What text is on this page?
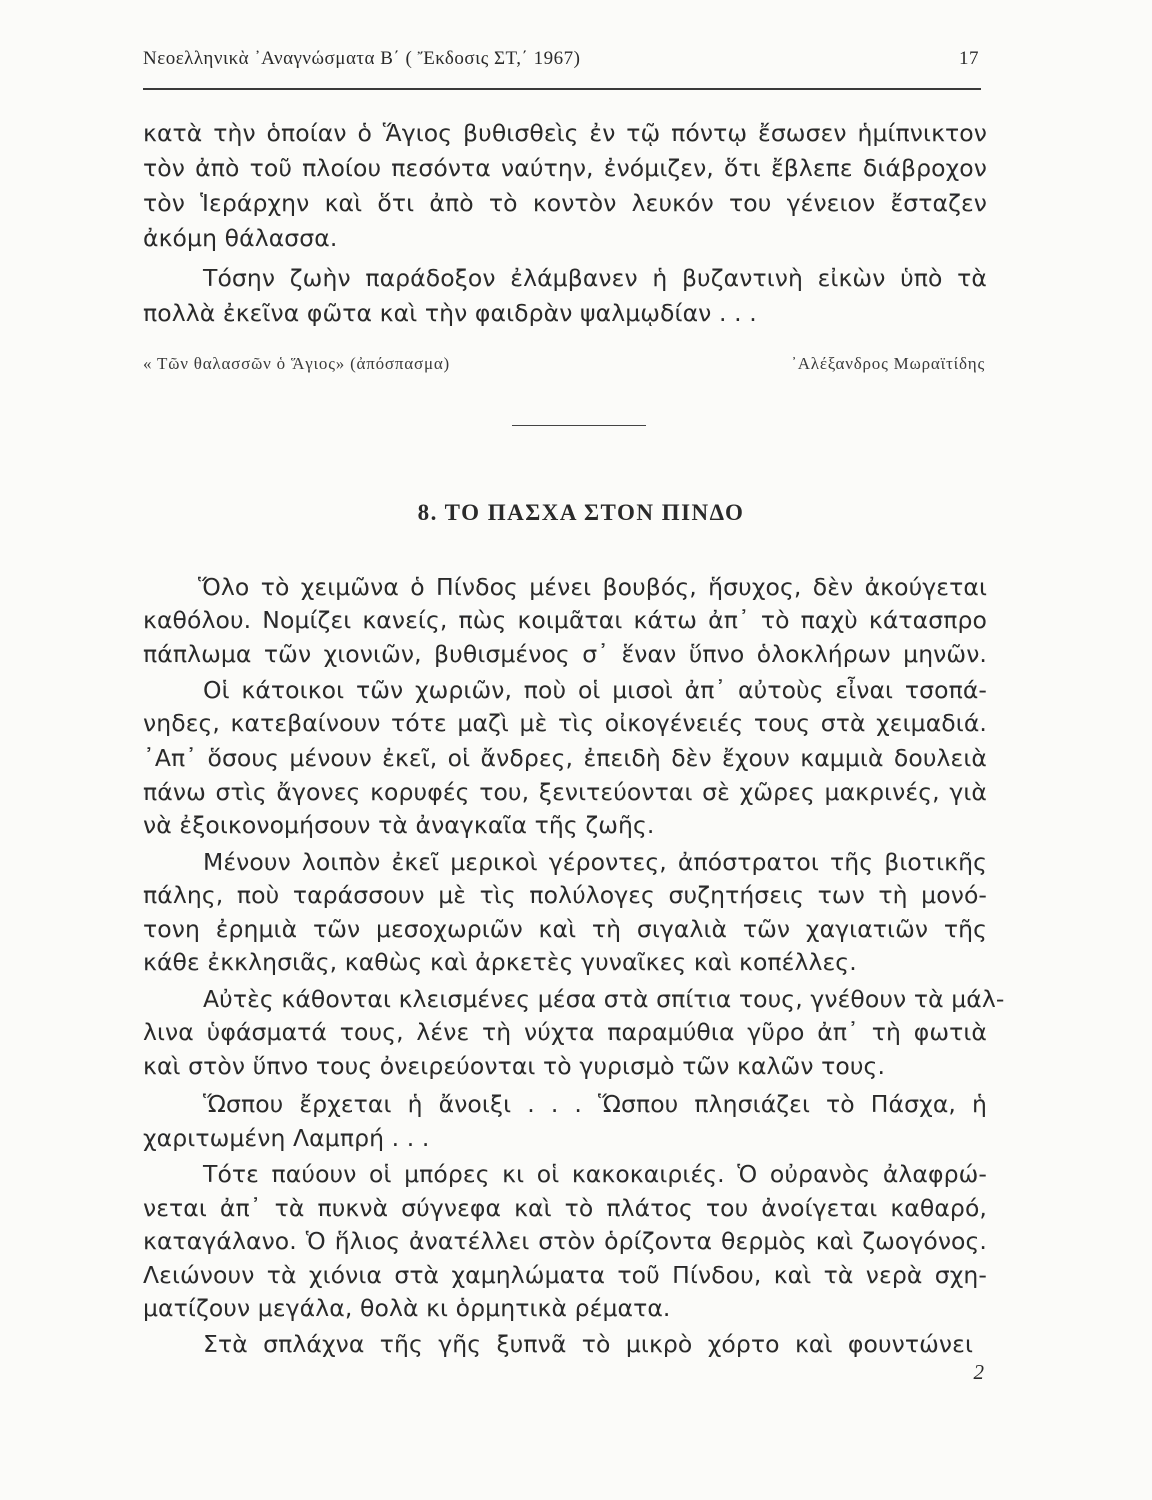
Νεοελληνικὰ ᾿Αναγνώσματα Β΄ ( Ἔκδοσις ΣΤ,΄ 1967)	17
κατὰ τὴν ὁποίαν ὁ Ἅγιος βυθισθεὶς ἐν τῷ πόντῳ ἔσωσεν ἡμίπνικτον
τὸν ἀπὸ τοῦ πλοίου πεσόντα ναύτην, ἐνόμιζεν, ὅτι ἔβλεπε διάβροχον
τὸν Ἱεράρχην καὶ ὅτι ἀπὸ τὸ κοντὸν λευκόν του γένειον ἔσταζεν
ἀκόμη θάλασσα.
Τόσην ζωὴν παράδοξον ἐλάμβανεν ἡ βυζαντινὴ εἰκὼν ὑπὸ τὰ
πολλὰ ἐκεῖνα φῶτα καὶ τὴν φαιδρὰν ψαλμῳδίαν . . .
« Τῶν θαλασσῶν ὁ Ἅγιος» (ἀπόσπασμα)	᾿Αλέξανδρος Μωραϊτίδης
8. ΤΟ ΠΑΣΧΑ ΣΤΟΝ ΠΙΝΔΟ
Ὅλο τὸ χειμῶνα ὁ Πίνδος μένει βουβός, ἥσυχος, δὲν ἀκούγεται
καθόλου. Νομίζει κανείς, πὼς κοιμᾶται κάτω ἀπ᾿ τὸ παχὺ κάτασπρο
πάπλωμα τῶν χιονιῶν, βυθισμένος σ᾿ ἕναν ὕπνο ὁλοκλήρων μηνῶν.
Οἱ κάτοικοι τῶν χωριῶν, ποὺ οἱ μισοὶ ἀπ᾿ αὐτοὺς εἶναι τσοπά-
νηδες, κατεβαίνουν τότε μαζὶ μὲ τὶς οἰκογένειές τους στὰ χειμαδιά.
᾿Απ᾿ ὅσους μένουν ἐκεῖ, οἱ ἄνδρες, ἐπειδὴ δὲν ἔχουν καμμιὰ δουλειὰ
πάνω στὶς ἄγονες κορυφές του, ξενιτεύονται σὲ χῶρες μακρινές, γιὰ
νὰ ἐξοικονομήσουν τὰ ἀναγκαῖα τῆς ζωῆς.
Μένουν λοιπὸν ἐκεῖ μερικοὶ γέροντες, ἀπόστρατοι τῆς βιοτικῆς
πάλης, ποὺ ταράσσουν μὲ τὶς πολύλογες συζητήσεις των τὴ μονό-
τονη ἐρημιὰ τῶν μεσοχωριῶν καὶ τὴ σιγαλιὰ τῶν χαγιατιῶν τῆς
κάθε ἐκκλησιᾶς, καθὼς καὶ ἀρκετὲς γυναῖκες καὶ κοπέλλες.
Αὐτὲς κάθονται κλεισμένες μέσα στὰ σπίτια τους, γνέθουν τὰ μάλ-
λινα ὑφάσματά τους, λένε τὴ νύχτα παραμύθια γῦρο ἀπ᾿ τὴ φωτιὰ
καὶ στὸν ὕπνο τους ὀνειρεύονται τὸ γυρισμὸ τῶν καλῶν τους.
Ὥσπου ἔρχεται ἡ ἄνοιξι . . . Ὥσπου πλησιάζει τὸ Πάσχα, ἡ
χαριτωμένη Λαμπρή . . .
Τότε παύουν οἱ μπόρες κι οἱ κακοκαιριές. Ὁ οὐρανὸς ἀλαφρώ-
νεται ἀπ᾿ τὰ πυκνὰ σύγνεφα καὶ τὸ πλάτος του ἀνοίγεται καθαρό,
καταγάλανο. Ὁ ἥλιος ἀνατέλλει στὸν ὁρίζοντα θερμὸς καὶ ζωογόνος.
Λειώνουν τὰ χιόνια στὰ χαμηλώματα τοῦ Πίνδου, καὶ τὰ νερὰ σχη-
ματίζουν μεγάλα, θολὰ κι ὁρμητικὰ ρέματα.
Στὰ σπλάχνα τῆς γῆς ξυπνᾶ τὸ μικρὸ χόρτο καὶ φουντώνει
2
